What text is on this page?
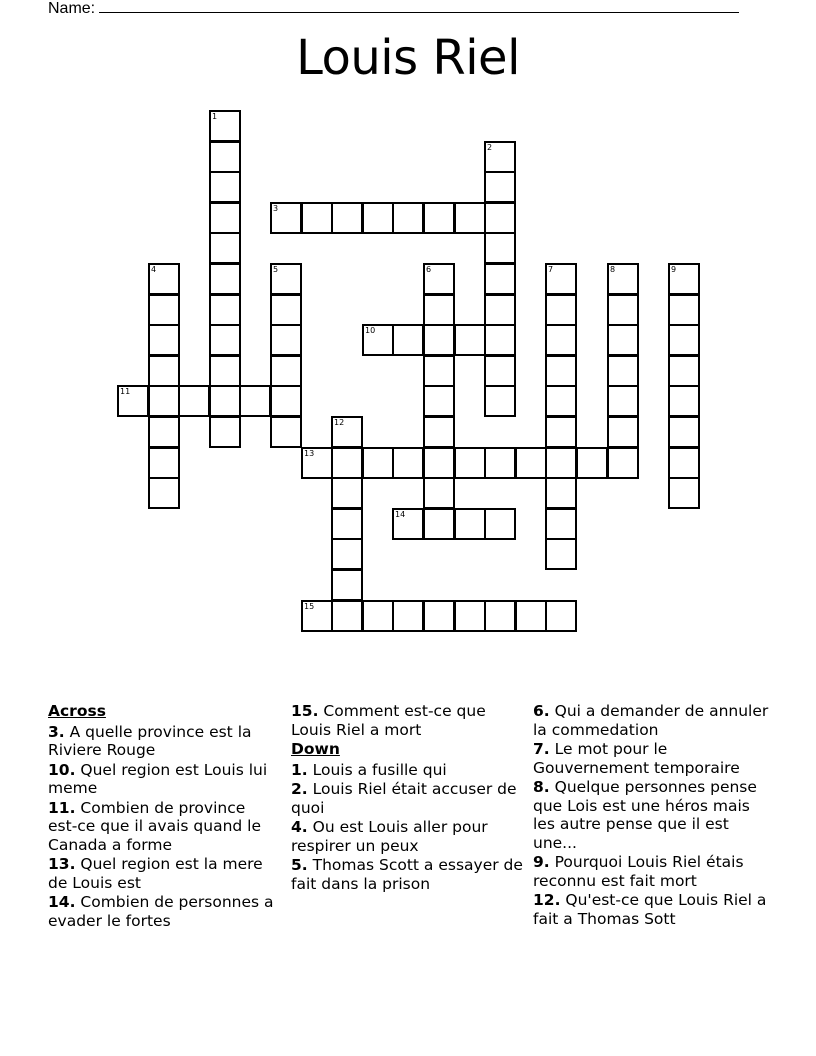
Name:
Louis Riel
1
2
3
4	5	6	7	8	9
10
11
12
13
14
15
Across
3. A quelle province est la Riviere Rouge
10. Quel region est Louis lui meme
11. Combien de province est-ce que il avais quand le Canada a forme
13. Quel region est la mere de Louis est
14. Combien de personnes a evader le fortes
15. Comment est-ce que Louis Riel a mort
Down
1. Louis a fusille qui
2. Louis Riel était accuser de quoi
4. Ou est Louis aller pour respirer un peux
5. Thomas Scott a essayer de fait dans la prison
6. Qui a demander de annuler la commedation
7. Le mot pour le Gouvernement temporaire
8. Quelque personnes pense que Lois est une héros mais les autre pense que il est une...
9. Pourquoi Louis Riel étais reconnu est fait mort
12. Qu'est-ce que Louis Riel a fait a Thomas Sott
